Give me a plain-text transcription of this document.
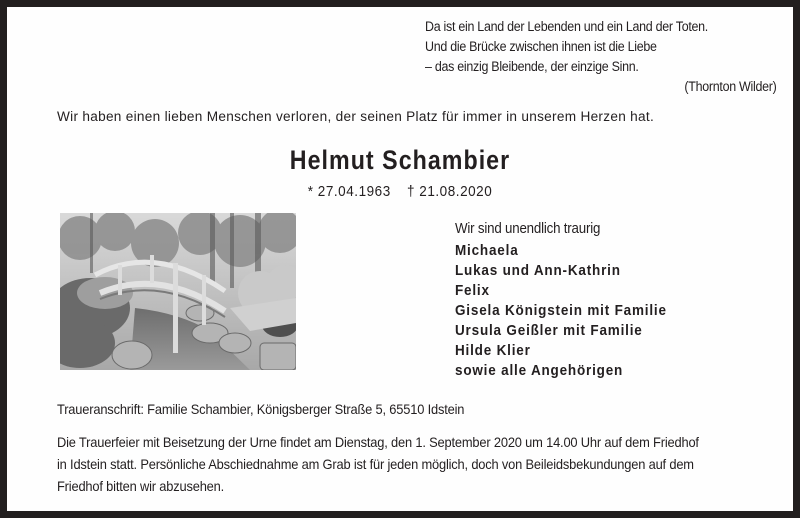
Da ist ein Land der Lebenden und ein Land der Toten.
Und die Brücke zwischen ihnen ist die Liebe
– das einzig Bleibende, der einzige Sinn.
(Thornton Wilder)
Wir haben einen lieben Menschen verloren, der seinen Platz für immer in unserem Herzen hat.
Helmut Schambier
* 27.04.1963 † 21.08.2020
Wir sind unendlich traurig
Michaela
Lukas und Ann-Kathrin
Felix
Gisela Königstein mit Familie
Ursula Geißler mit Familie
Hilde Klier
sowie alle Angehörigen
Traueranschrift: Familie Schambier, Königsberger Straße 5, 65510 Idstein
Die Trauerfeier mit Beisetzung der Urne findet am Dienstag, den 1. September 2020 um 14.00 Uhr auf dem Friedhof
in Idstein statt. Persönliche Abschiednahme am Grab ist für jeden möglich, doch von Beileidsbekundungen auf dem
Friedhof bitten wir abzusehen.
